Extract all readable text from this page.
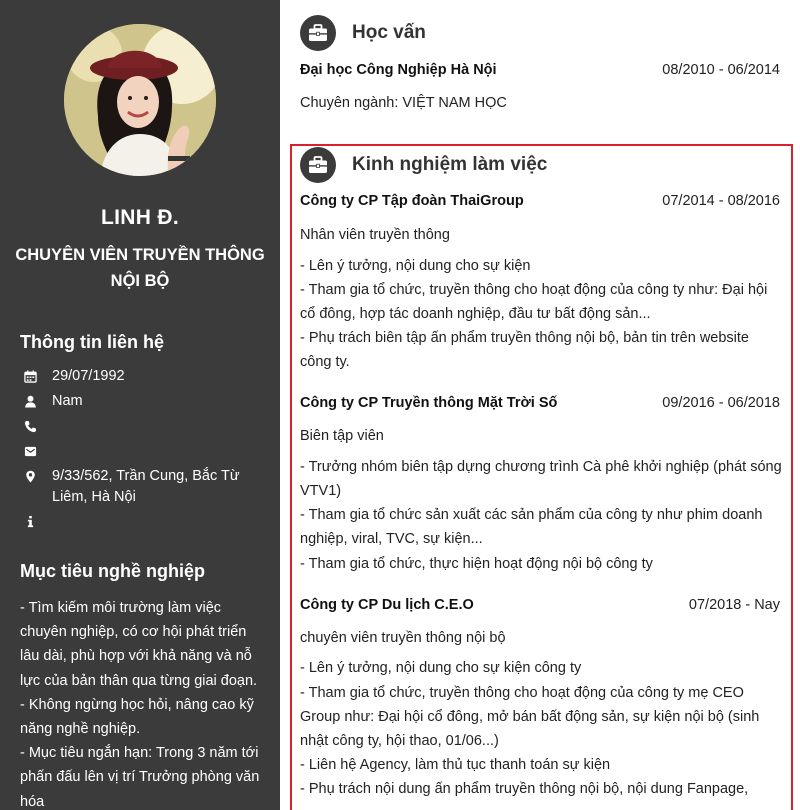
LINH Đ.
CHUYÊN VIÊN TRUYỀN THÔNG NỘI BỘ
Thông tin liên hệ
29/07/1992
Nam
9/33/562, Trần Cung, Bắc Từ Liêm, Hà Nội
Mục tiêu nghề nghiệp
- Tìm kiếm môi trường làm việc chuyên nghiệp, có cơ hội phát triển lâu dài, phù hợp với khả năng và nỗ lực của bản thân qua từng giai đoạn.
- Không ngừng học hỏi, nâng cao kỹ năng nghề nghiệp.
- Mục tiêu ngắn hạn: Trong 3 năm tới phấn đấu lên vị trí Trưởng phòng văn hóa
Học vấn
Đại học Công Nghiệp Hà Nội	08/2010 - 06/2014
Chuyên ngành: VIỆT NAM HỌC
Kinh nghiệm làm việc
Công ty CP Tập đoàn ThaiGroup	07/2014 - 08/2016
Nhân viên truyền thông
- Lên ý tưởng, nội dung cho sự kiện
- Tham gia tổ chức, truyền thông cho hoạt động của công ty như: Đại hội cổ đông, hợp tác doanh nghiệp, đầu tư bất động sản...
- Phụ trách biên tập ấn phẩm truyền thông nội bộ, bản tin trên website công ty.
Công ty CP Truyền thông Mặt Trời Số	09/2016 - 06/2018
Biên tập viên
- Trưởng nhóm biên tập dựng chương trình Cà phê khởi nghiệp (phát sóng VTV1)
- Tham gia tổ chức sản xuất các sản phẩm của công ty như phim doanh nghiệp, viral, TVC, sự kiện...
- Tham gia tổ chức, thực hiện hoạt động nội bộ công ty
Công ty CP Du lịch C.E.O	07/2018 - Nay
chuyên viên truyền thông nội bộ
- Lên ý tưởng, nội dung cho sự kiện công ty
- Tham gia tổ chức, truyền thông cho hoạt động của công ty mẹ CEO Group như: Đại hội cổ đông, mở bán bất động sản, sự kiện nội bộ (sinh nhật công ty, hội thao, 01/06...)
- Liên hệ Agency, làm thủ tục thanh toán sự kiện
- Phụ trách nội dung ấn phẩm truyền thông nội bộ, nội dung Fanpage,
